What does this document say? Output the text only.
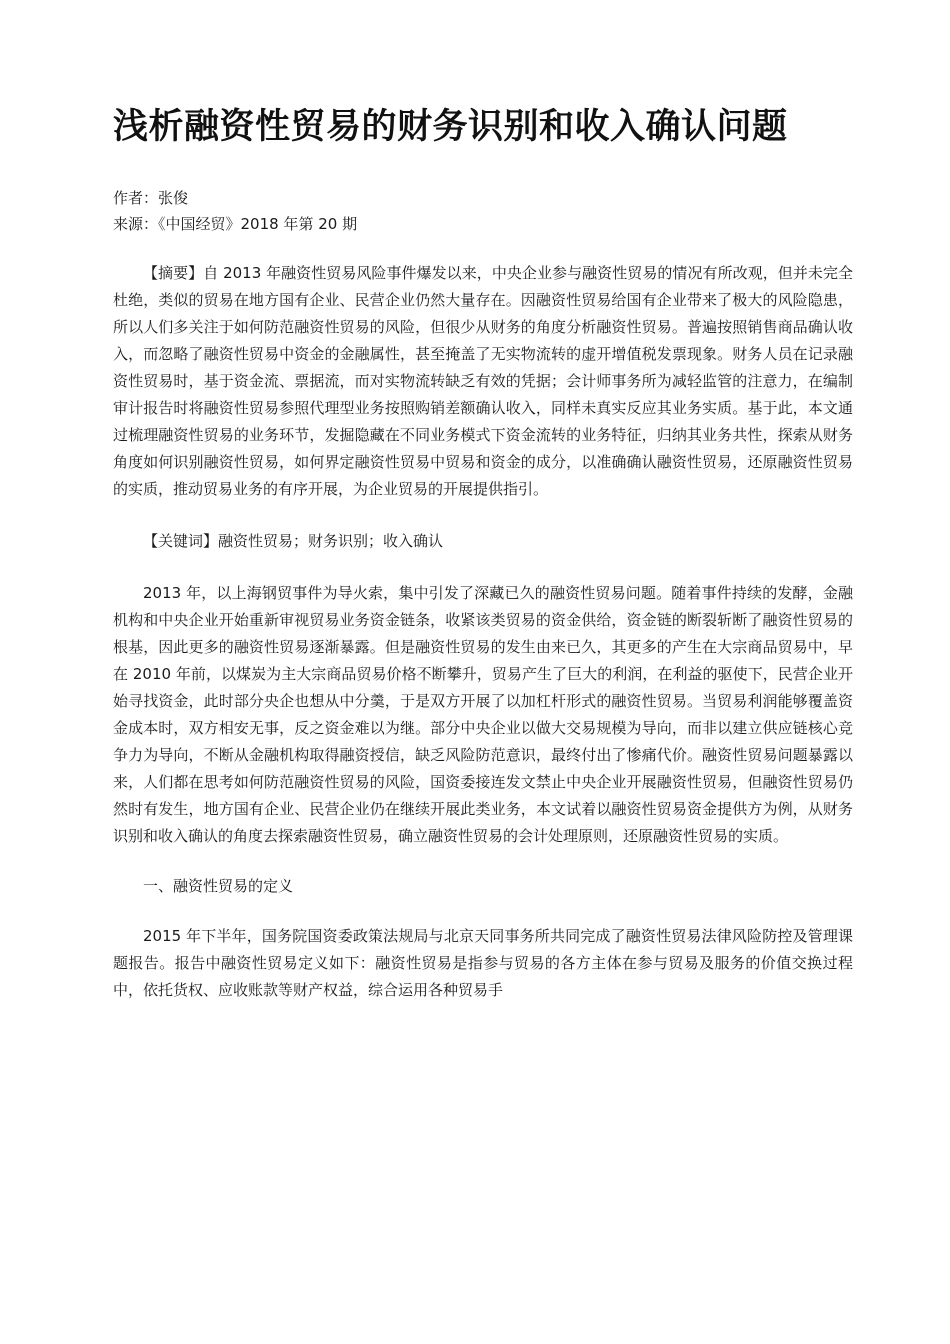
浅析融资性贸易的财务识别和收入确认问题
作者：张俊
来源：《中国经贸》2018 年第 20 期

【摘要】自 2013 年融资性贸易风险事件爆发以来，中央企业参与融资性贸易的情况有所改观，但并未完全杜绝，类似的贸易在地方国有企业、民营企业仍然大量存在。因融资性贸易给国有企业带来了极大的风险隐患，所以人们多关注于如何防范融资性贸易的风险，但很少从财务的角度分析融资性贸易。普遍按照销售商品确认收入，而忽略了融资性贸易中资金的金融属性，甚至掩盖了无实物流转的虚开增值税发票现象。财务人员在记录融资性贸易时，基于资金流、票据流，而对实物流转缺乏有效的凭据；会计师事务所为减轻监管的注意力，在编制审计报告时将融资性贸易参照代理型业务按照购销差额确认收入，同样未真实反应其业务实质。基于此，本文通过梳理融资性贸易的业务环节，发掘隐藏在不同业务模式下资金流转的业务特征，归纳其业务共性，探索从财务角度如何识别融资性贸易，如何界定融资性贸易中贸易和资金的成分，以准确确认融资性贸易，还原融资性贸易的实质，推动贸易业务的有序开展，为企业贸易的开展提供指引。

【关键词】融资性贸易；财务识别；收入确认

2013 年，以上海钢贸事件为导火索，集中引发了深藏已久的融资性贸易问题。随着事件持续的发酵，金融机构和中央企业开始重新审视贸易业务资金链条，收紧该类贸易的资金供给，资金链的断裂斩断了融资性贸易的根基，因此更多的融资性贸易逐渐暴露。但是融资性贸易的发生由来已久，其更多的产生在大宗商品贸易中，早在 2010 年前，以煤炭为主大宗商品贸易价格不断攀升，贸易产生了巨大的利润，在利益的驱使下，民营企业开始寻找资金，此时部分央企也想从中分羹，于是双方开展了以加杠杆形式的融资性贸易。当贸易利润能够覆盖资金成本时，双方相安无事，反之资金难以为继。部分中央企业以做大交易规模为导向，而非以建立供应链核心竞争力为导向，不断从金融机构取得融资授信，缺乏风险防范意识，最终付出了惨痛代价。融资性贸易问题暴露以来，人们都在思考如何防范融资性贸易的风险，国资委接连发文禁止中央企业开展融资性贸易，但融资性贸易仍然时有发生，地方国有企业、民营企业仍在继续开展此类业务，本文试着以融资性贸易资金提供方为例，从财务识别和收入确认的角度去探索融资性贸易，确立融资性贸易的会计处理原则，还原融资性贸易的实质。

一、融资性贸易的定义

2015 年下半年，国务院国资委政策法规局与北京天同事务所共同完成了融资性贸易法律风险防控及管理课题报告。报告中融资性贸易定义如下：融资性贸易是指参与贸易的各方主体在参与贸易及服务的价值交换过程中，依托货权、应收账款等财产权益，综合运用各种贸易手
